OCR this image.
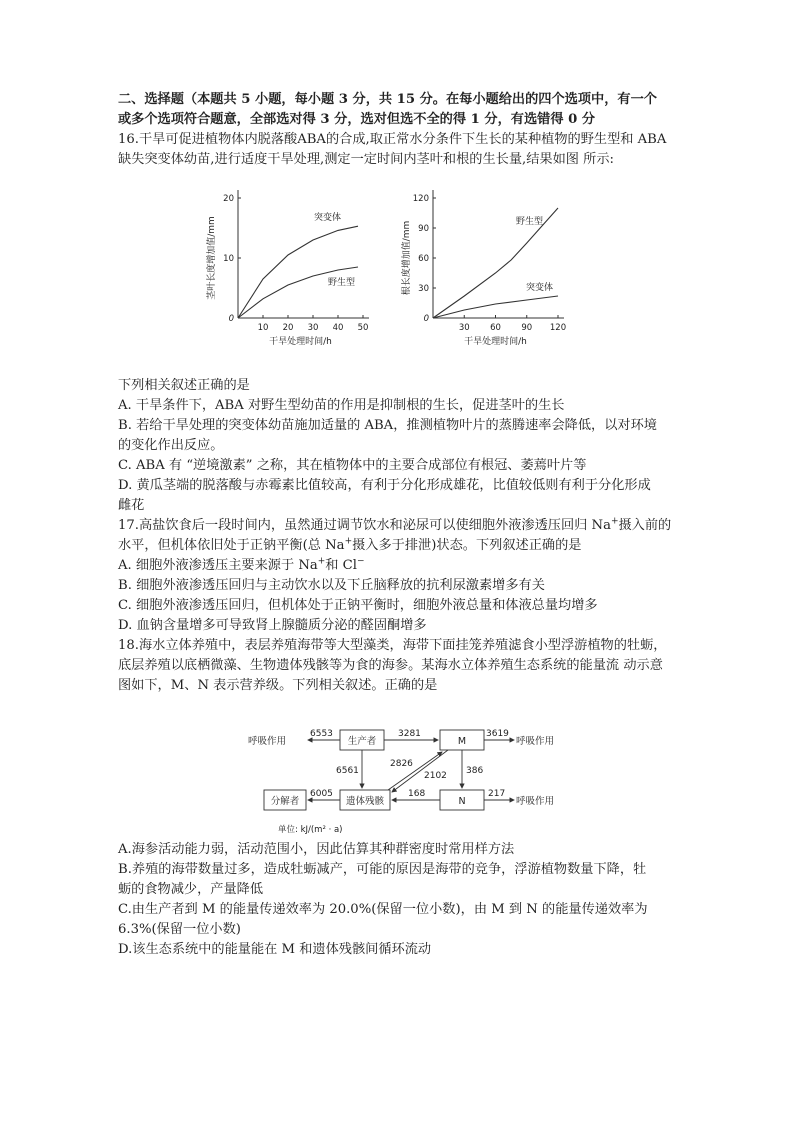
二、选择题（本题共 5 小题，每小题 3 分，共 15 分。在每小题给出的四个选项中，有一个
或多个选项符合题意，全部选对得 3 分，选对但选不全的得 1 分，有选错得 0 分
16.干旱可促进植物体内脱落酸ABA的合成,取正常水分条件下生长的某种植物的野生型和 ABA
缺失突变体幼苗,进行适度干旱处理,测定一定时间内茎叶和根的生长量,结果如图 所示:
10 20 30 40 50
10
20
0
干旱处理时间/h
茎叶长度增加值/mm	突变体
野生型
30 60 90 120
30
60
90
120
0
干旱处理时间/h
根长度增加值/mm	野生型
突变体
下列相关叙述正确的是
A. 干旱条件下，ABA 对野生型幼苗的作用是抑制根的生长，促进茎叶的生长
B. 若给干旱处理的突变体幼苗施加适量的 ABA，推测植物叶片的蒸腾速率会降低，以对环境
的变化作出反应。
C. ABA 有 “逆境激素” 之称，其在植物体中的主要合成部位有根冠、萎蔫叶片等
D. 黄瓜茎端的脱落酸与赤霉素比值较高，有利于分化形成雄花，比值较低则有利于分化形成
雌花
17.高盐饮食后一段时间内，虽然通过调节饮水和泌尿可以使细胞外液渗透压回归 Na+摄入前的
水平，但机体依旧处于正钠平衡(总 Na+摄入多于排泄)状态。下列叙述正确的是
A. 细胞外液渗透压主要来源于 Na+和 Cl−
B. 细胞外液渗透压回归与主动饮水以及下丘脑释放的抗利尿激素增多有关
C. 细胞外液渗透压回归，但机体处于正钠平衡时，细胞外液总量和体液总量均增多
D. 血钠含量增多可导致肾上腺髓质分泌的醛固酮增多
18.海水立体养殖中，表层养殖海带等大型藻类，海带下面挂笼养殖滤食小型浮游植物的牡蛎，
底层养殖以底栖微藻、生物遗体残骸等为食的海参。某海水立体养殖生态系统的能量流 动示意
图如下，M、N 表示营养级。下列相关叙述。正确的是
生产者	M
遗体残骸	N
分解者
呼吸作用	呼吸作用
呼吸作用
6553	3281	3619
6561
2826
2102 386
6005	168	217
单位: kJ/(m² · a)
A.海参活动能力弱，活动范围小，因此估算其种群密度时常用样方法
B.养殖的海带数量过多，造成牡蛎减产，可能的原因是海带的竞争，浮游植物数量下降，牡
蛎的食物减少，产量降低
C.由生产者到 M 的能量传递效率为 20.0%(保留一位小数)，由 M 到 N 的能量传递效率为
6.3%(保留一位小数)
D.该生态系统中的能量能在 M 和遗体残骸间循环流动
